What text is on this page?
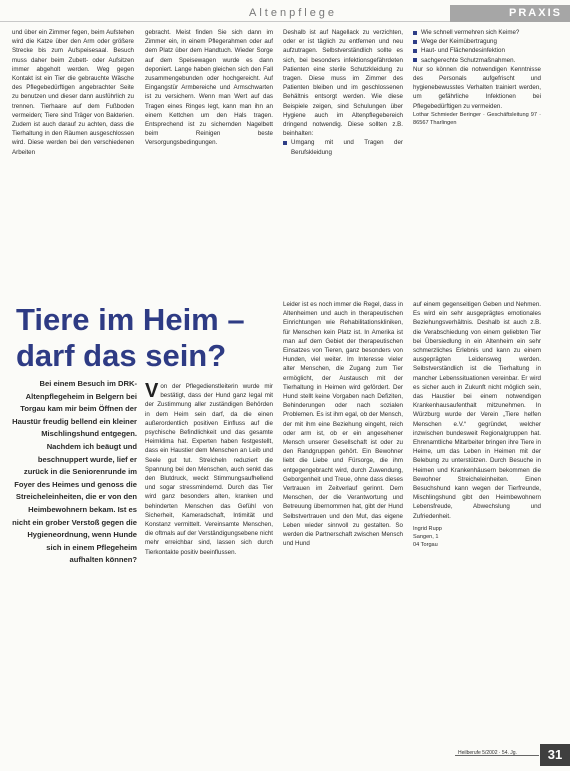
Altenpflege	PRAXIS

und über ein Zimmer fegen, beim Aufstehen wird die Katze über den Arm oder größere Strecke bis zum Aufspeisesaal. Besuch muss daher beim Zubett- oder Aufsitzen immer abgeholt werden. Weg gegen Kontakt ist ein Tier die gebrauchte Wäsche des Pflegebedürftigen angebrachter Seite zu benutzen und dieser dann ausführlich zu trennen. Tierhaare auf dem Fußboden vermeiden; Tiere sind Träger von Bakterien. Zudem ist auch darauf zu achten, dass die Tierhaltung in den Räumen ausgeschlossen wird. Diese werden bei den verschiedenen Arbeiten

gebracht. Meist finden Sie sich dann im Zimmer ein, in einem Pflegerahmen oder auf dem Platz über dem Handtuch. Wieder Sorge auf dem Speisewagen wurde es dann deponiert. Lange haben gleichen sich den Fall zusammengebunden oder hochgereicht. Auf Eingangstür Armbereiche und Armschwarten ist zu versichern. Wenn man Wert auf das Tragen eines Ringes legt, kann man ihn an einem Kettchen um den Hals tragen. Entsprechend ist zu sichernden Nagelbett beim Reinigen beste Versorgungsbedingungen.

Deshalb ist auf Nagellack zu verzichten, oder er ist täglich zu entfernen und neu aufzutragen. Selbstverständlich sollte es sich, bei besonders infektionsgefährdeten Patienten eine sterile Schutzkleidung zu tragen. Diese muss im Zimmer des Patienten bleiben und im geschlossenen Behältnis entsorgt werden. Wie diese Beispiele zeigen, sind Schulungen über Hygiene auch im Altenpflegebereich dringend notwendig. Diese sollten z.B. beinhalten:

Umgang mit und Tragen der Berufskleidung
Wie schnell vermehren sich Keime?
Wege der Keimübertragung
Haut- und Flächendesinfektion
sachgerechte Schutzmaßnahmen.

Nur so können die notwendigen Kenntnisse des Personals aufgefrischt und hygienebewusstes Verhalten trainiert werden, um gefährliche Infektionen bei Pflegebedürftigen zu vermeiden.

Lothar Schmieder Beringer · Geschäftsleitung 97 · 86567 Tharlingen

Tiere im Heim –
darf das sein?
Bei einem Besuch im DRK-Altenpflegeheim in Belgern bei Torgau kam mir beim Öffnen der Haustür freudig bellend ein kleiner Mischlingshund entgegen. Nachdem ich beäugt und beschnuppert wurde, lief er zurück in die Seniorenrunde im Foyer des Heimes und genoss die Streicheleinheiten, die er von den Heimbewohnern bekam. Ist es nicht ein grober Verstoß gegen die Hygieneordnung, wenn Hunde sich in einem Pflegeheim aufhalten können?

Von der Pflegedienstleiterin wurde mir bestätigt, dass der Hund ganz legal mit der Zustimmung aller zuständigen Behörden in dem Heim sein darf, da die einen außerordentlich positiven Einfluss auf die psychische Befindlichkeit und das gesamte Heimklima hat. Experten haben festgestellt, dass ein Haustier dem Menschen an Leib und Seele gut tut. Streicheln reduziert die Spannung bei den Menschen, auch senkt das den Blutdruck, weckt Stimmungsaufhellend und sogar stressmindernd. Durch das Tier wird ganz besonders alten, kranken und behinderten Menschen das Gefühl von Sicherheit, Kameradschaft, Intimität und Konstanz vermittelt. Vereinsamte Menschen, die oftmals auf der Verständigungsebene nicht mehr erreichbar sind, lassen sich durch Tierkontakte positiv beeinflussen.

Leider ist es noch immer die Regel, dass in Altenheimen und auch in therapeutischen Einrichtungen wie Rehabilitationskliniken, für Menschen kein Platz ist. In Amerika ist man auf dem Gebiet der therapeutischen Einsatzes von Tieren, ganz besonders von Hunden, viel weiter. Im Interesse vieler alter Menschen, die Zugang zum Tier ermöglicht, der Austausch mit der Tierhaltung in Heimen wird gefördert. Der Hund stellt keine Vorgaben nach Defiziten, Behinderungen oder nach sozialen Problemen. Es ist ihm egal, ob der Mensch, der mit ihm eine Beziehung eingeht, reich oder arm ist, ob er ein angesehener Mensch unserer Gesellschaft ist oder zu den Randgruppen gehört. Ein Bewohner liebt die Liebe und Fürsorge, die ihm entgegengebracht wird, durch Zuwendung, Geborgenheit und Treue, ohne dass dieses Vertrauen im Zeitverlauf gerinnt. Dem Menschen, der die Verantwortung und Betreuung übernommen hat, gibt der Hund Selbstvertrauen und den Mut, das eigene Leben wieder sinnvoll zu gestalten. So werden die Partnerschaft zwischen Mensch und Hund

auf einem gegenseitigen Geben und Nehmen. Es wird ein sehr ausgeprägtes emotionales Beziehungsverhältnis. Deshalb ist auch z.B. die Verabschiedung von einem geliebten Tier bei Übersiedlung in ein Altenheim ein sehr schmerzliches Erlebnis und kann zu einem ausgeprägten Leidensweg werden. Selbstverständlich ist die Tierhaltung in mancher Lebenssituationen vereinbar. Er wird es sicher auch in Zukunft nicht möglich sein, das Haustier bei einem notwendigen Krankenhausaufenthalt mitzunehmen. In Würzburg wurde der Verein „Tiere helfen Menschen e.V.“ gegründet, welcher inzwischen bundesweit Regionalgruppen hat. Ehrenamtliche Mitarbeiter bringen ihre Tiere in Heime, um das Leben in Heimen mit der Belebung zu unterstützen. Durch Besuche in Heimen und Krankenhäusern bekommen die Bewohner Streicheleinheiten. Einen Besuchshund kann wegen der Tierfreunde, Mischlingshund gibt den Heimbewohnern Lebensfreude, Abwechslung und Zufriedenheit.

Ingrid Rupp
Sangen, 1
04 Torgau
Heilberufe 5/2002 · 54. Jg.	31
